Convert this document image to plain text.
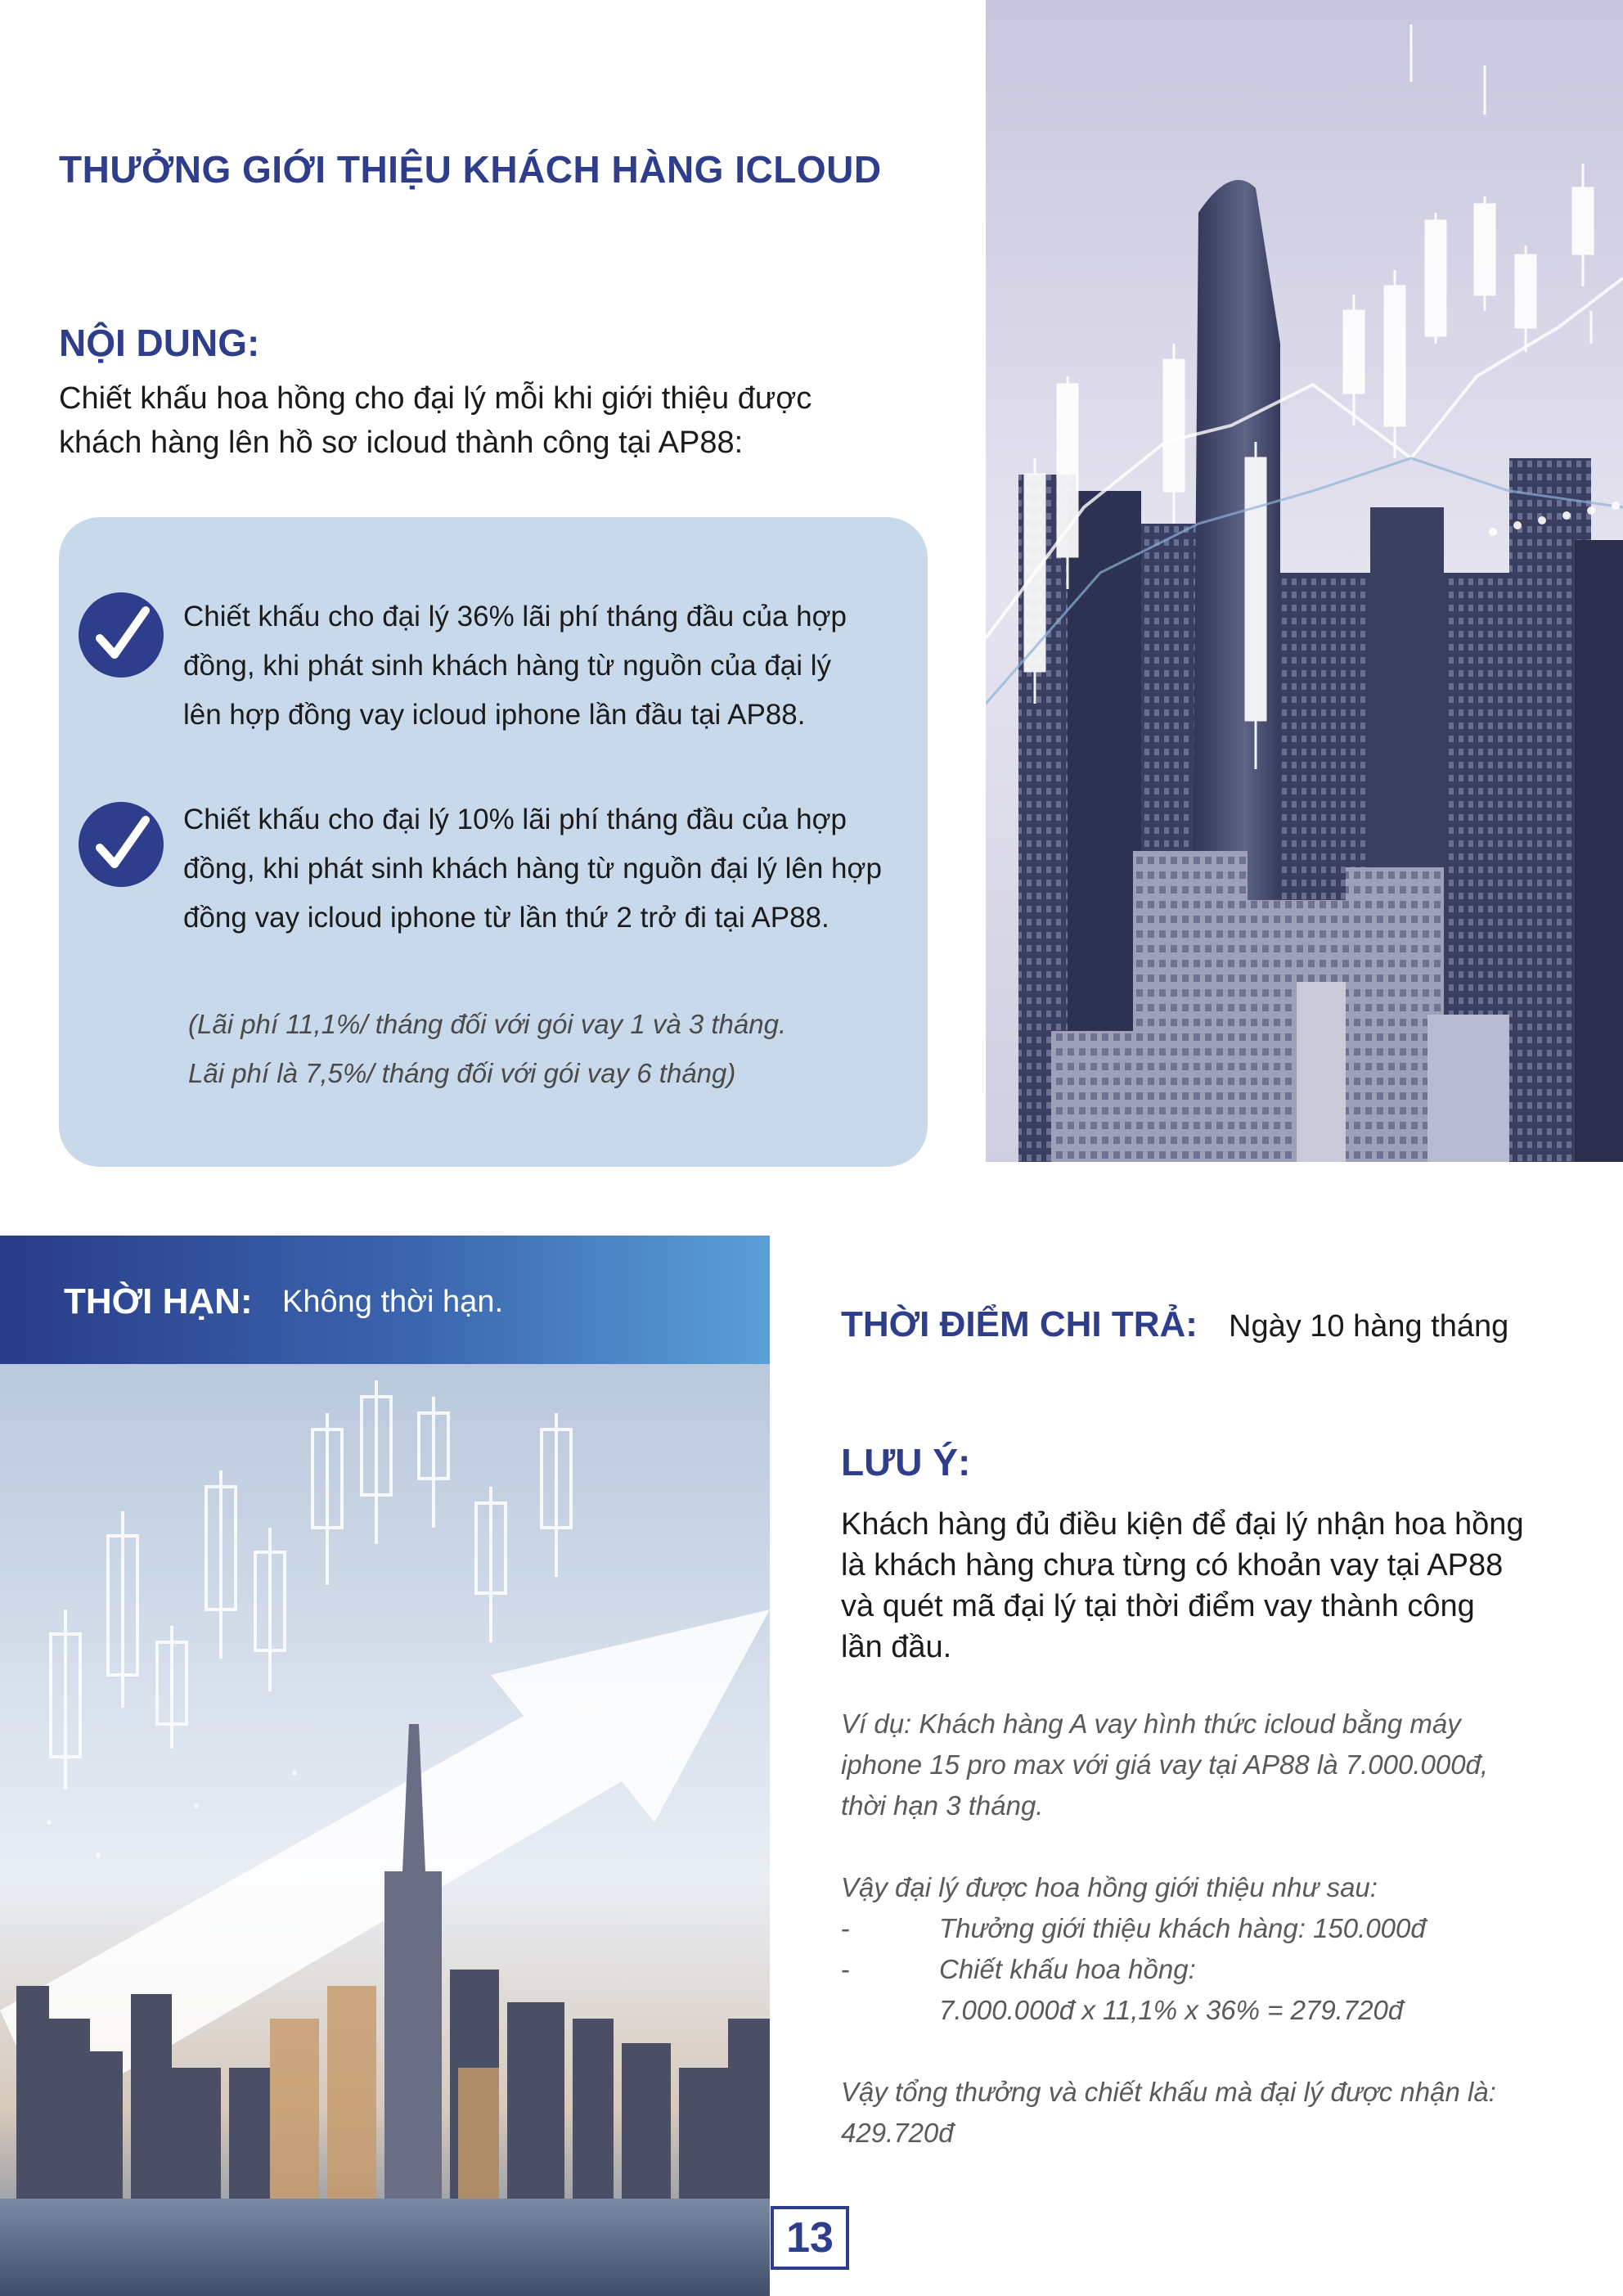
THƯỞNG GIỚI THIỆU KHÁCH HÀNG ICLOUD
NỘI DUNG:
Chiết khấu hoa hồng cho đại lý mỗi khi giới thiệu được
khách hàng lên hồ sơ icloud thành công tại AP88:
Chiết khấu cho đại lý 36% lãi phí tháng đầu của hợp
đồng, khi phát sinh khách hàng từ nguồn của đại lý
lên hợp đồng vay icloud iphone lần đầu tại AP88.
Chiết khấu cho đại lý 10% lãi phí tháng đầu của hợp
đồng, khi phát sinh khách hàng từ nguồn đại lý lên hợp
đồng vay icloud iphone từ lần thứ 2 trở đi tại AP88.
(Lãi phí 11,1%/ tháng đối với gói vay 1 và 3 tháng.
Lãi phí là 7,5%/ tháng đối với gói vay 6 tháng)
THỜI HẠN: Không thời hạn.
THỜI ĐIỂM CHI TRẢ: Ngày 10 hàng tháng
LƯU Ý:
Khách hàng đủ điều kiện để đại lý nhận hoa hồng
là khách hàng chưa từng có khoản vay tại AP88
và quét mã đại lý tại thời điểm vay thành công
lần đầu.
Ví dụ: Khách hàng A vay hình thức icloud bằng máy
iphone 15 pro max với giá vay tại AP88 là 7.000.000đ,
thời hạn 3 tháng.
Vậy đại lý được hoa hồng giới thiệu như sau:
-	Thưởng giới thiệu khách hàng: 150.000đ
-	Chiết khấu hoa hồng:
7.000.000đ x 11,1% x 36% = 279.720đ
Vậy tổng thưởng và chiết khấu mà đại lý được nhận là:
429.720đ
13
